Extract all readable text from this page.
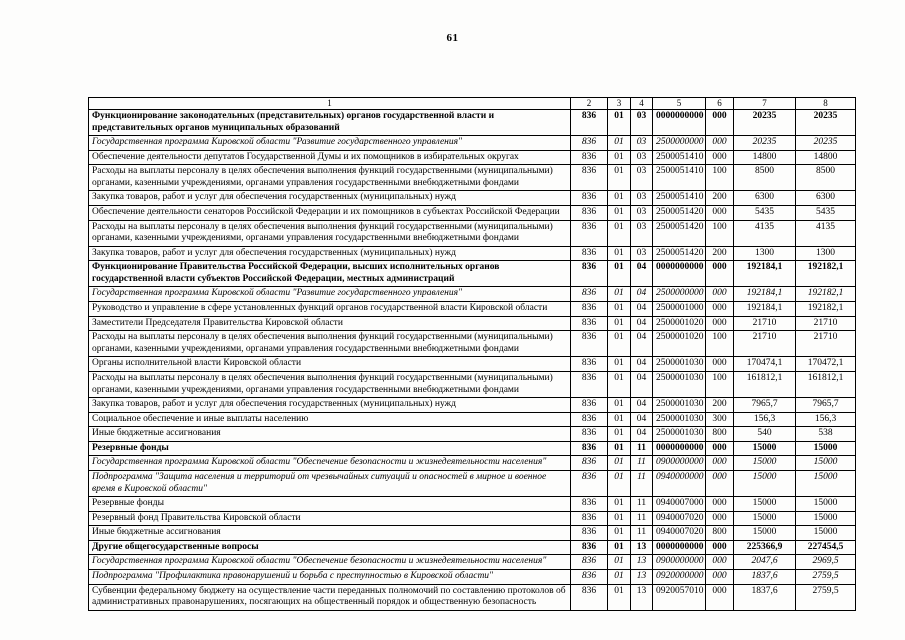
61
1	2	3	4	5	6	7	8
Функционирование законодательных (представительных) органов государственной власти и представительных органов муниципальных образований	836	01	03	0000000000	000	20235	20235
Государственная программа Кировской области "Развитие государственного управления"	836	01	03	2500000000	000	20235	20235
Обеспечение деятельности депутатов Государственной Думы и их помощников в избирательных округах	836	01	03	2500051410	000	14800	14800
Расходы на выплаты персоналу в целях обеспечения выполнения функций государственными (муниципальными) органами, казенными учреждениями, органами управления государственными внебюджетными фондами	836	01	03	2500051410	100	8500	8500
Закупка товаров, работ и услуг для обеспечения государственных (муниципальных) нужд	836	01	03	2500051410	200	6300	6300
Обеспечение деятельности сенаторов Российской Федерации и их помощников в субъектах Российской Федерации	836	01	03	2500051420	000	5435	5435
Расходы на выплаты персоналу в целях обеспечения выполнения функций государственными (муниципальными) органами, казенными учреждениями, органами управления государственными внебюджетными фондами	836	01	03	2500051420	100	4135	4135
Закупка товаров, работ и услуг для обеспечения государственных (муниципальных) нужд	836	01	03	2500051420	200	1300	1300
Функционирование Правительства Российской Федерации, высших исполнительных органов государственной власти субъектов Российской Федерации, местных администраций	836	01	04	0000000000	000	192184,1	192182,1
Государственная программа Кировской области "Развитие государственного управления"	836	01	04	2500000000	000	192184,1	192182,1
Руководство и управление в сфере установленных функций органов государственной власти Кировской области	836	01	04	2500001000	000	192184,1	192182,1
Заместители Председателя Правительства Кировской области	836	01	04	2500001020	000	21710	21710
Расходы на выплаты персоналу в целях обеспечения выполнения функций государственными (муниципальными) органами, казенными учреждениями, органами управления государственными внебюджетными фондами	836	01	04	2500001020	100	21710	21710
Органы исполнительной власти Кировской области	836	01	04	2500001030	000	170474,1	170472,1
Расходы на выплаты персоналу в целях обеспечения выполнения функций государственными (муниципальными) органами, казенными учреждениями, органами управления государственными внебюджетными фондами	836	01	04	2500001030	100	161812,1	161812,1
Закупка товаров, работ и услуг для обеспечения государственных (муниципальных) нужд	836	01	04	2500001030	200	7965,7	7965,7
Социальное обеспечение и иные выплаты населению	836	01	04	2500001030	300	156,3	156,3
Иные бюджетные ассигнования	836	01	04	2500001030	800	540	538
Резервные фонды	836	01	11	0000000000	000	15000	15000
Государственная программа Кировской области "Обеспечение безопасности и жизнедеятельности населения"	836	01	11	0900000000	000	15000	15000
Подпрограмма "Защита населения и территорий от чрезвычайных ситуаций и опасностей в мирное и военное время в Кировской области"	836	01	11	0940000000	000	15000	15000
Резервные фонды	836	01	11	0940007000	000	15000	15000
Резервный фонд Правительства Кировской области	836	01	11	0940007020	000	15000	15000
Иные бюджетные ассигнования	836	01	11	0940007020	800	15000	15000
Другие общегосударственные вопросы	836	01	13	0000000000	000	225366,9	227454,5
Государственная программа Кировской области "Обеспечение безопасности и жизнедеятельности населения"	836	01	13	0900000000	000	2047,6	2969,5
Подпрограмма "Профилактика правонарушений и борьба с преступностью в Кировской области"	836	01	13	0920000000	000	1837,6	2759,5
Субвенции федеральному бюджету на осуществление части переданных полномочий по составлению протоколов об административных правонарушениях, посягающих на общественный порядок и общественную безопасность	836	01	13	0920057010	000	1837,6	2759,5
